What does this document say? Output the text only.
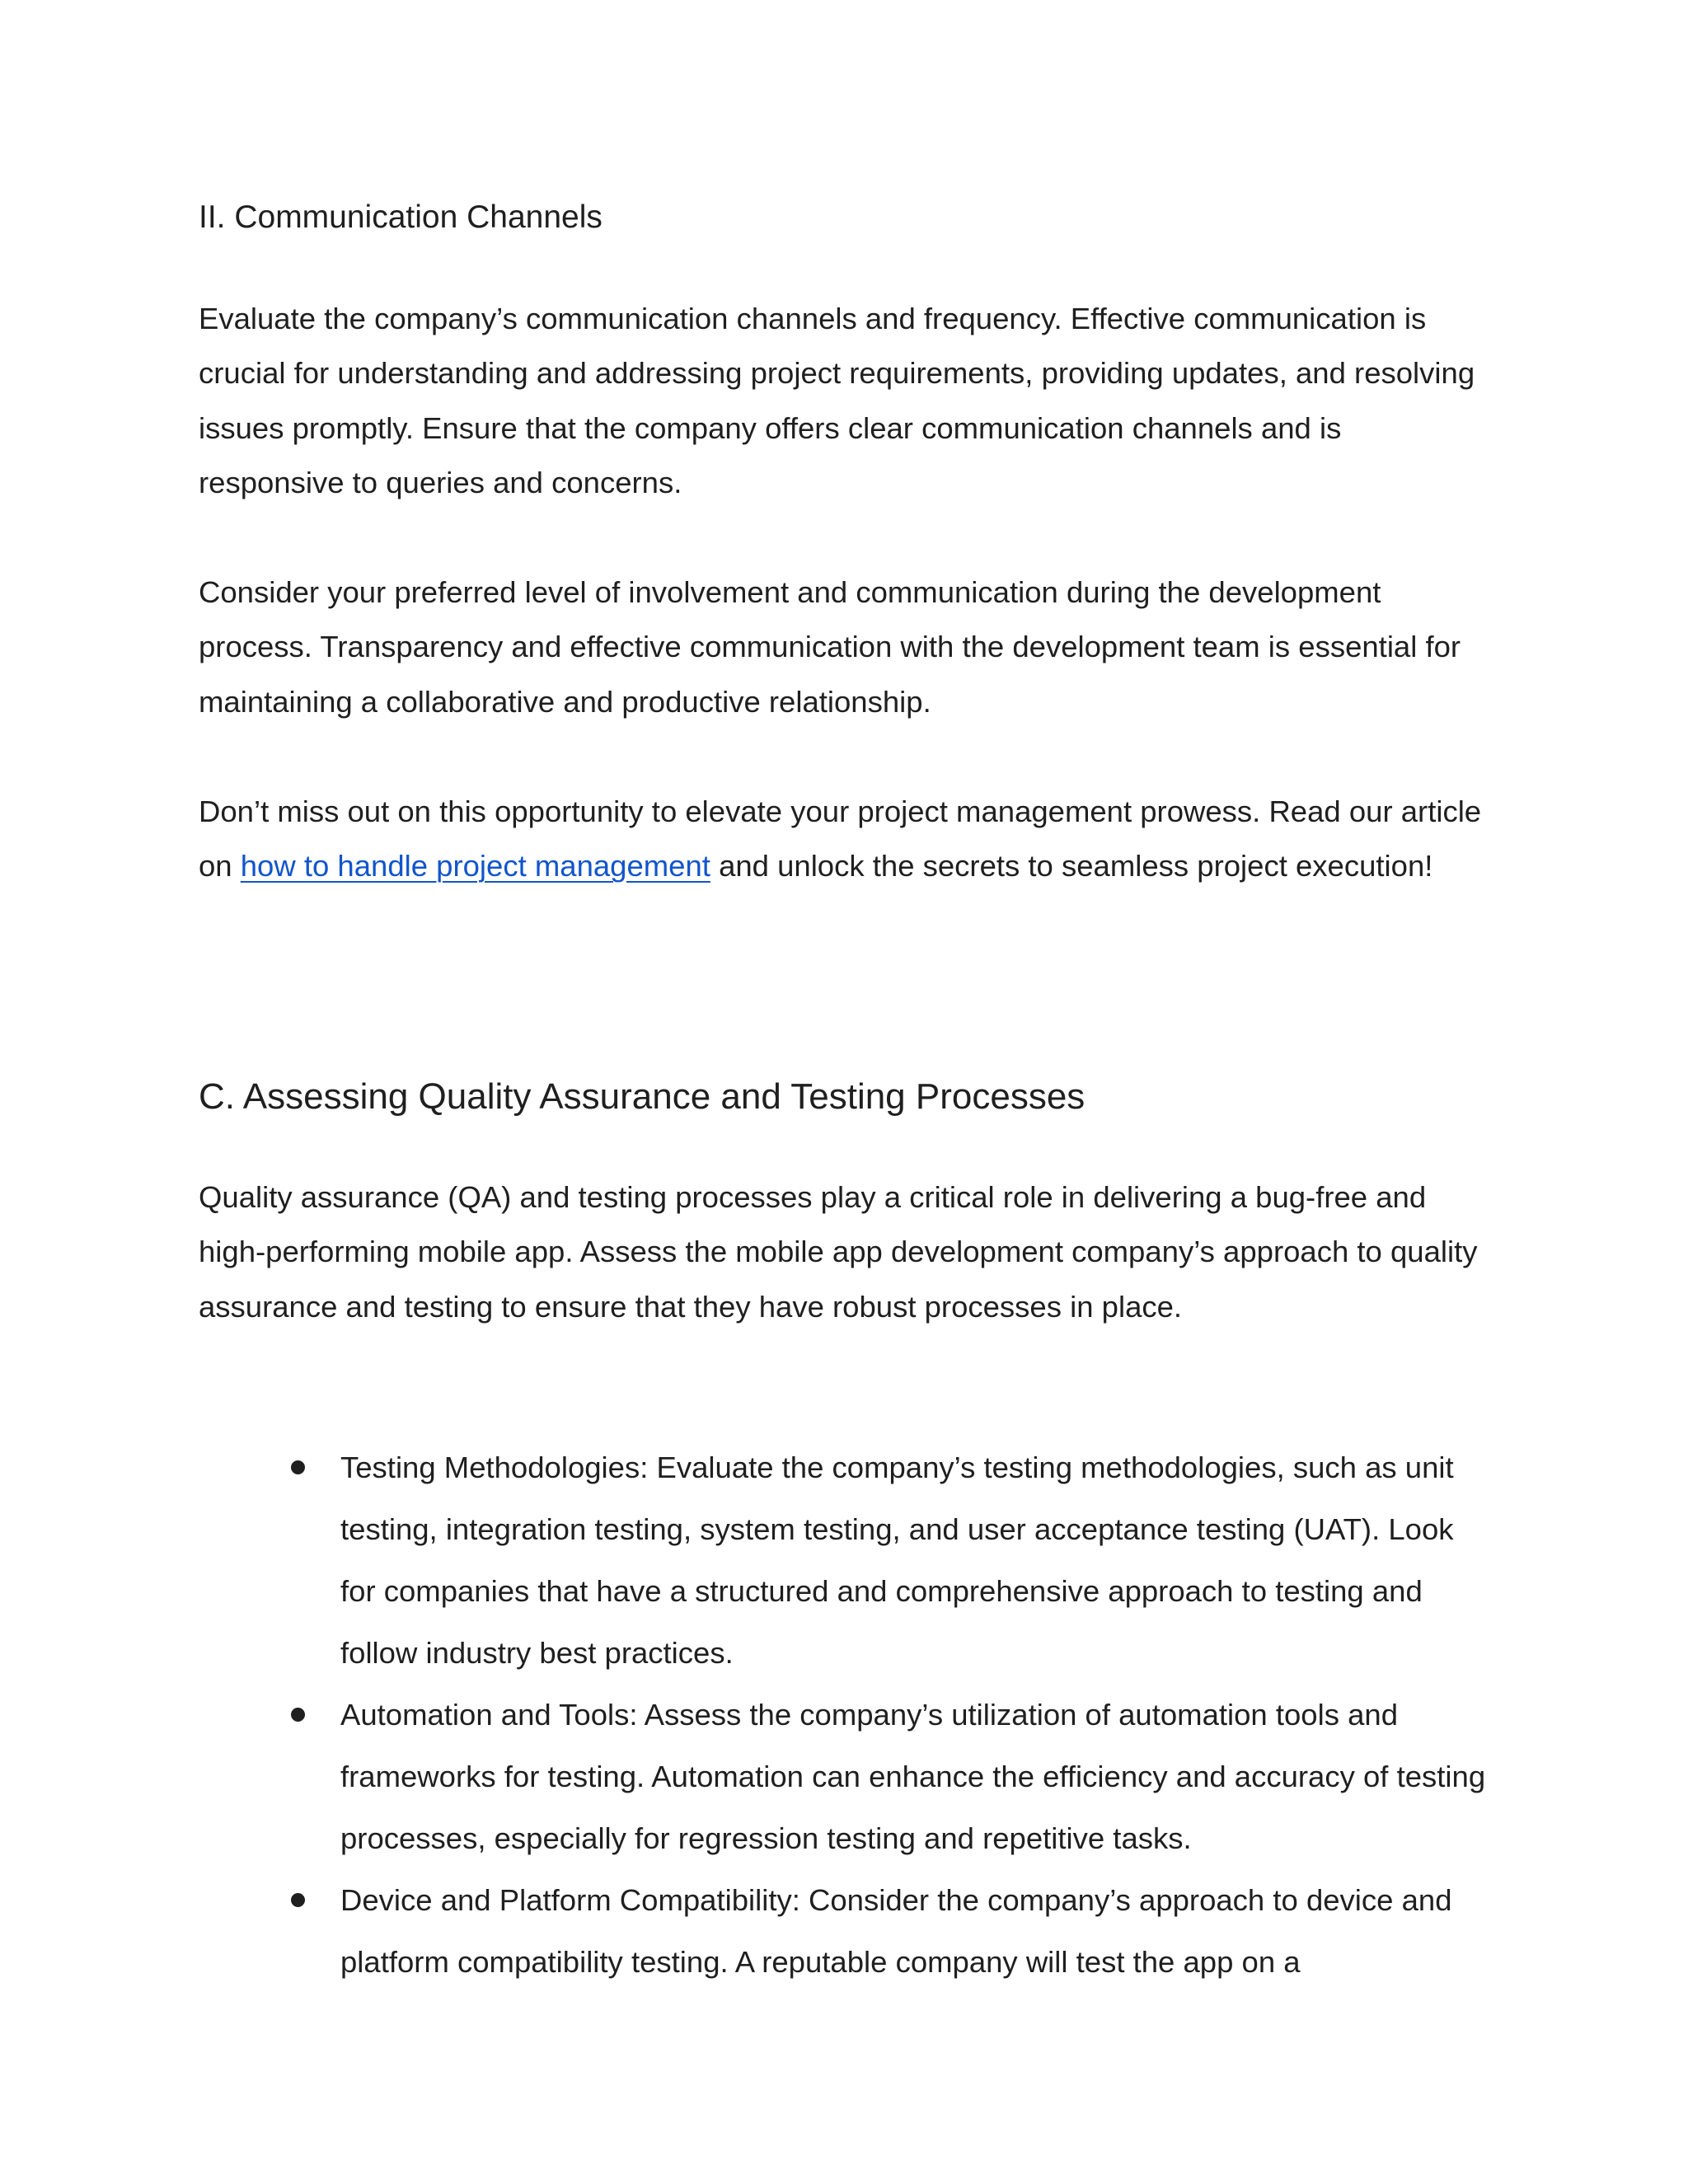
II. Communication Channels

Evaluate the company’s communication channels and frequency. Effective communication is crucial for understanding and addressing project requirements, providing updates, and resolving issues promptly. Ensure that the company offers clear communication channels and is responsive to queries and concerns.

Consider your preferred level of involvement and communication during the development process. Transparency and effective communication with the development team is essential for maintaining a collaborative and productive relationship.

Don’t miss out on this opportunity to elevate your project management prowess. Read our article on how to handle project management and unlock the secrets to seamless project execution!

C. Assessing Quality Assurance and Testing Processes

Quality assurance (QA) and testing processes play a critical role in delivering a bug-free and high-performing mobile app. Assess the mobile app development company’s approach to quality assurance and testing to ensure that they have robust processes in place.

Testing Methodologies: Evaluate the company’s testing methodologies, such as unit testing, integration testing, system testing, and user acceptance testing (UAT). Look for companies that have a structured and comprehensive approach to testing and follow industry best practices.
Automation and Tools: Assess the company’s utilization of automation tools and frameworks for testing. Automation can enhance the efficiency and accuracy of testing processes, especially for regression testing and repetitive tasks.
Device and Platform Compatibility: Consider the company’s approach to device and platform compatibility testing. A reputable company will test the app on a
